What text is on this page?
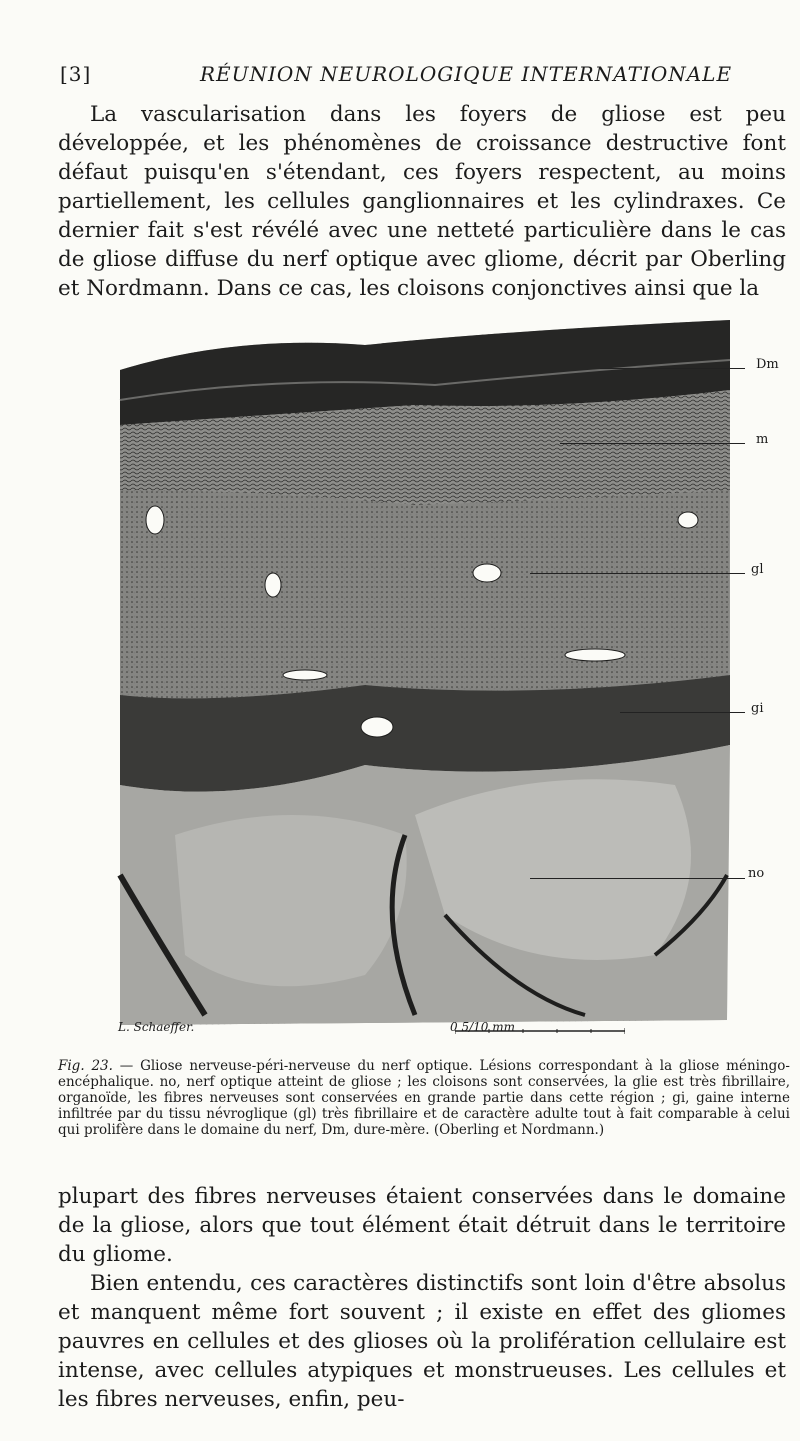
[3]	RÉUNION NEUROLOGIQUE INTERNATIONALE

La vascularisation dans les foyers de gliose est peu développée, et les phénomènes de croissance destructive font défaut puisqu'en s'étendant, ces foyers respectent, au moins partiellement, les cellules ganglionnaires et les cylindraxes. Ce dernier fait s'est révélé avec une netteté particulière dans le cas de gliose diffuse du nerf optique avec gliome, décrit par Oberling et Nordmann. Dans ce cas, les cloisons conjonctives ainsi que la

Dm
m
gl
gi
no
L. Schaeffer.	0 5/10 mm
Fig. 23. — Gliose nerveuse-péri-nerveuse du nerf optique. Lésions correspondant à la gliose méningo-encéphalique. no, nerf optique atteint de gliose ; les cloisons sont conservées, la glie est très fibrillaire, organoïde, les fibres nerveuses sont conservées en grande partie dans cette région ; gi, gaine interne infiltrée par du tissu névroglique (gl) très fibrillaire et de caractère adulte tout à fait comparable à celui qui prolifère dans le domaine du nerf, Dm, dure-mère. (Oberling et Nordmann.)

plupart des fibres nerveuses étaient conservées dans le domaine de la gliose, alors que tout élément était détruit dans le territoire du gliome.

Bien entendu, ces caractères distinctifs sont loin d'être absolus et manquent même fort souvent ; il existe en effet des gliomes pauvres en cellules et des glioses où la prolifération cellulaire est intense, avec cellules atypiques et monstrueuses. Les cellules et les fibres nerveuses, enfin, peu-
